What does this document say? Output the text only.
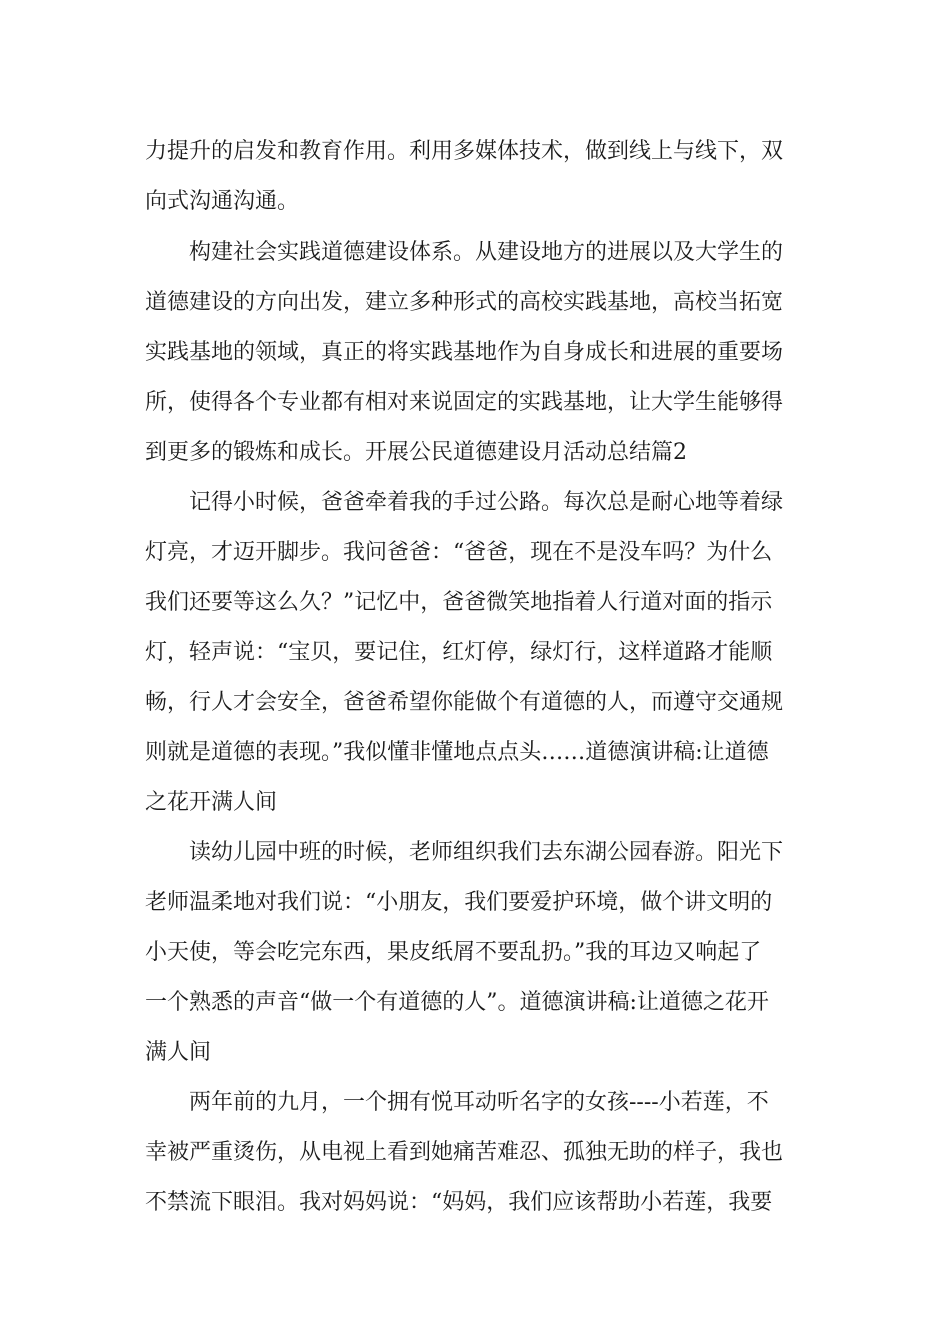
力提升的启发和教育作用。利用多媒体技术，做到线上与线下，双
向式沟通沟通。
构建社会实践道德建设体系。从建设地方的进展以及大学生的
道德建设的方向出发，建立多种形式的高校实践基地，高校当拓宽
实践基地的领域，真正的将实践基地作为自身成长和进展的重要场
所，使得各个专业都有相对来说固定的实践基地，让大学生能够得
到更多的锻炼和成长。开展公民道德建设月活动总结篇2
记得小时候，爸爸牵着我的手过公路。每次总是耐心地等着绿
灯亮，才迈开脚步。我问爸爸：“爸爸，现在不是没车吗？为什么
我们还要等这么久？”记忆中，爸爸微笑地指着人行道对面的指示
灯，轻声说：“宝贝，要记住，红灯停，绿灯行，这样道路才能顺
畅，行人才会安全，爸爸希望你能做个有道德的人，而遵守交通规
则就是道德的表现。”我似懂非懂地点点头……道德演讲稿:让道德
之花开满人间
读幼儿园中班的时候，老师组织我们去东湖公园春游。阳光下
老师温柔地对我们说：“小朋友，我们要爱护环境，做个讲文明的
小天使，等会吃完东西，果皮纸屑不要乱扔。”我的耳边又响起了
一个熟悉的声音“做一个有道德的人”。道德演讲稿:让道德之花开
满人间
两年前的九月，一个拥有悦耳动听名字的女孩----小若莲，不
幸被严重烫伤，从电视上看到她痛苦难忍、孤独无助的样子，我也
不禁流下眼泪。我对妈妈说：“妈妈，我们应该帮助小若莲，我要
